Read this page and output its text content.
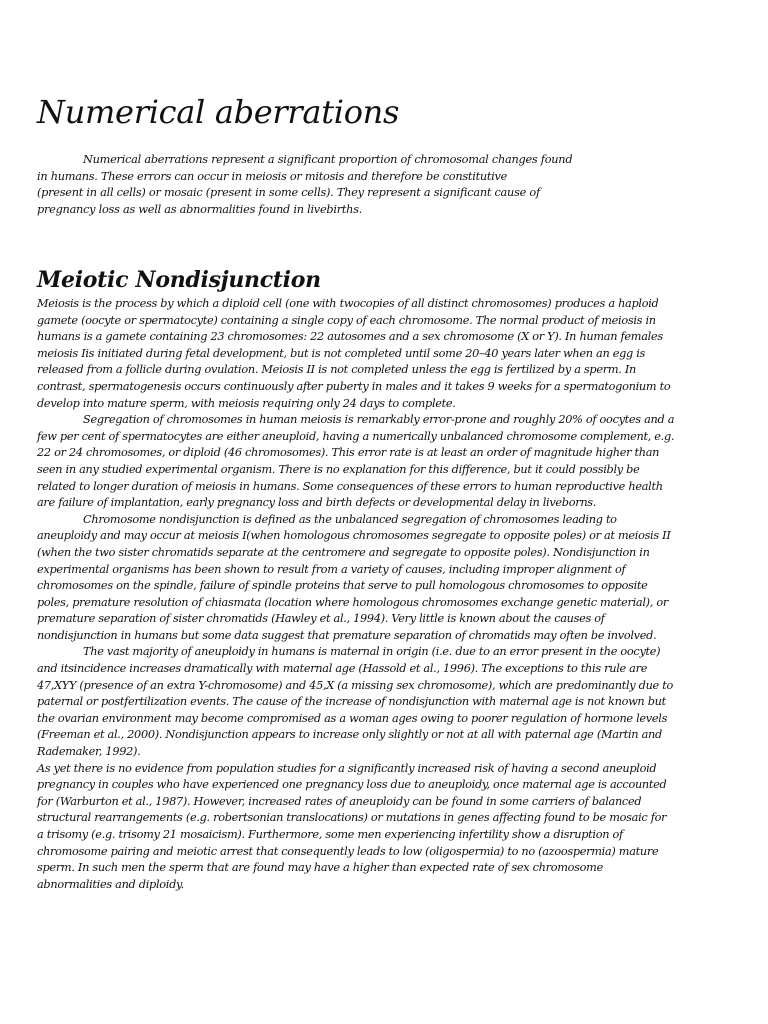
Numerical aberrations
Numerical aberrations represent a significant proportion of chromosomal changes found
in humans. These errors can occur in meiosis or mitosis and therefore be constitutive
(present in all cells) or mosaic (present in some cells). They represent a significant cause of
pregnancy loss as well as abnormalities found in livebirths.
Meiotic Nondisjunction
Meiosis is the process by which a diploid cell (one with twocopies of all distinct chromosomes) produces a haploid
gamete (oocyte or spermatocyte) containing a single copy of each chromosome. The normal product of meiosis in
humans is a gamete containing 23 chromosomes: 22 autosomes and a sex chromosome (X or Y). In human females
meiosis Iis initiated during fetal development, but is not completed until some 20–40 years later when an egg is
released from a follicle during ovulation. Meiosis II is not completed unless the egg is fertilized by a sperm. In
contrast, spermatogenesis occurs continuously after puberty in males and it takes 9 weeks for a spermatogonium to
develop into mature sperm, with meiosis requiring only 24 days to complete.
Segregation of chromosomes in human meiosis is remarkably error-prone and roughly 20% of oocytes and a
few per cent of spermatocytes are either aneuploid, having a numerically unbalanced chromosome complement, e.g.
22 or 24 chromosomes, or diploid (46 chromosomes). This error rate is at least an order of magnitude higher than
seen in any studied experimental organism. There is no explanation for this difference, but it could possibly be
related to longer duration of meiosis in humans. Some consequences of these errors to human reproductive health
are failure of implantation, early pregnancy loss and birth defects or developmental delay in liveborns.
Chromosome nondisjunction is defined as the unbalanced segregation of chromosomes leading to
aneuploidy and may occur at meiosis I(when homologous chromosomes segregate to opposite poles) or at meiosis II
(when the two sister chromatids separate at the centromere and segregate to opposite poles). Nondisjunction in
experimental organisms has been shown to result from a variety of causes, including improper alignment of
chromosomes on the spindle, failure of spindle proteins that serve to pull homologous chromosomes to opposite
poles, premature resolution of chiasmata (location where homologous chromosomes exchange genetic material), or
premature separation of sister chromatids (Hawley et al., 1994). Very little is known about the causes of
nondisjunction in humans but some data suggest that premature separation of chromatids may often be involved.
The vast majority of aneuploidy in humans is maternal in origin (i.e. due to an error present in the oocyte)
and itsincidence increases dramatically with maternal age (Hassold et al., 1996). The exceptions to this rule are
47,XYY (presence of an extra Y-chromosome) and 45,X (a missing sex chromosome), which are predominantly due to
paternal or postfertilization events. The cause of the increase of nondisjunction with maternal age is not known but
the ovarian environment may become compromised as a woman ages owing to poorer regulation of hormone levels
(Freeman et al., 2000). Nondisjunction appears to increase only slightly or not at all with paternal age (Martin and
Rademaker, 1992).
As yet there is no evidence from population studies for a significantly increased risk of having a second aneuploid
pregnancy in couples who have experienced one pregnancy loss due to aneuploidy, once maternal age is accounted
for (Warburton et al., 1987). However, increased rates of aneuploidy can be found in some carriers of balanced
structural rearrangements (e.g. robertsonian translocations) or mutations in genes affecting found to be mosaic for
a trisomy (e.g. trisomy 21 mosaicism). Furthermore, some men experiencing infertility show a disruption of
chromosome pairing and meiotic arrest that consequently leads to low (oligospermia) to no (azoospermia) mature
sperm. In such men the sperm that are found may have a higher than expected rate of sex chromosome
abnormalities and diploidy.
